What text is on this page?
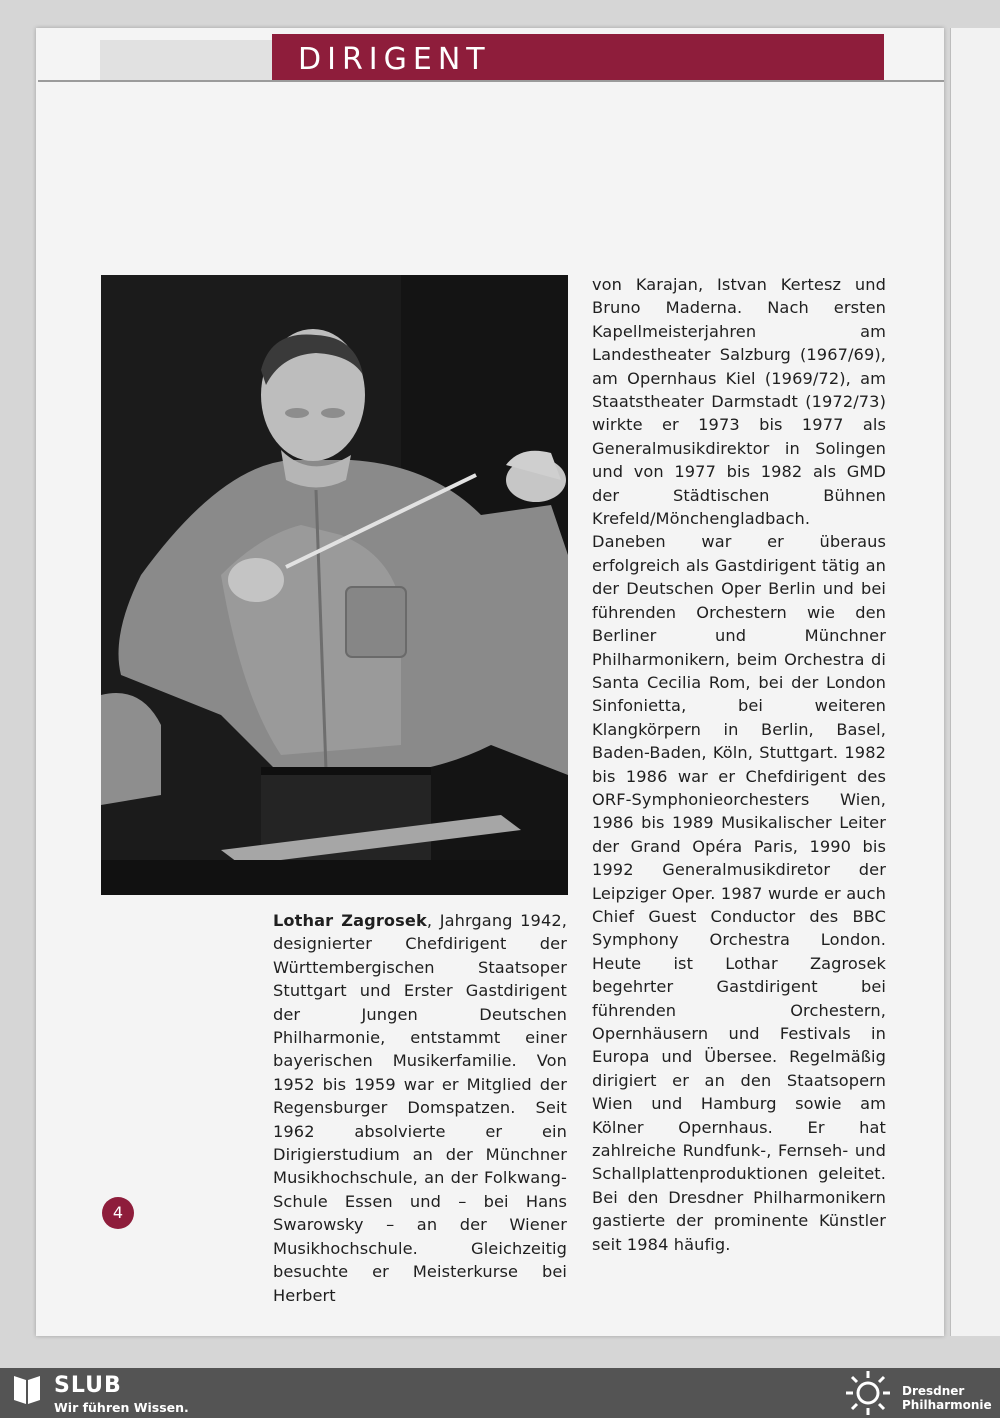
DIRIGENT
von Karajan, Istvan Kertesz und Bruno Maderna. Nach ersten Kapellmeisterjahren am Landestheater Salzburg (1967/69), am Opernhaus Kiel (1969/72), am Staatstheater Darmstadt (1972/73) wirkte er 1973 bis 1977 als Generalmusikdirektor in Solingen und von 1977 bis 1982 als GMD der Städtischen Bühnen Krefeld/Mönchengladbach. Daneben war er überaus erfolgreich als Gastdirigent tätig an der Deutschen Oper Berlin und bei führenden Orchestern wie den Berliner und Münchner Philharmonikern, beim Orchestra di Santa Cecilia Rom, bei der London Sinfonietta, bei weiteren Klangkörpern in Berlin, Basel, Baden-Baden, Köln, Stuttgart. 1982 bis 1986 war er Chefdirigent des ORF-Symphonieorchesters Wien, 1986 bis 1989 Musikalischer Leiter der Grand Opéra Paris, 1990 bis 1992 Generalmusikdiretor der Leipziger Oper. 1987 wurde er auch Chief Guest Conductor des BBC Symphony Orchestra London. Heute ist Lothar Zagrosek begehrter Gastdirigent bei führenden Orchestern, Opernhäusern und Festivals in Europa und Übersee. Regelmäßig dirigiert er an den Staatsopern Wien und Hamburg sowie am Kölner Opernhaus. Er hat zahlreiche Rundfunk-, Fernseh- und Schallplattenproduktionen geleitet. Bei den Dresdner Philharmonikern gastierte der prominente Künstler seit 1984 häufig.
Lothar Zagrosek, Jahrgang 1942, designierter Chefdirigent der Württembergischen Staatsoper Stuttgart und Erster Gastdirigent der Jungen Deutschen Philharmonie, entstammt einer bayerischen Musikerfamilie. Von 1952 bis 1959 war er Mitglied der Regensburger Domspatzen. Seit 1962 absolvierte er ein Dirigierstudium an der Münchner Musikhochschule, an der Folkwang-Schule Essen und – bei Hans Swarowsky – an der Wiener Musikhochschule. Gleichzeitig besuchte er Meisterkurse bei Herbert
4
SLUB
Wir führen Wissen.
Dresdner
Philharmonie
